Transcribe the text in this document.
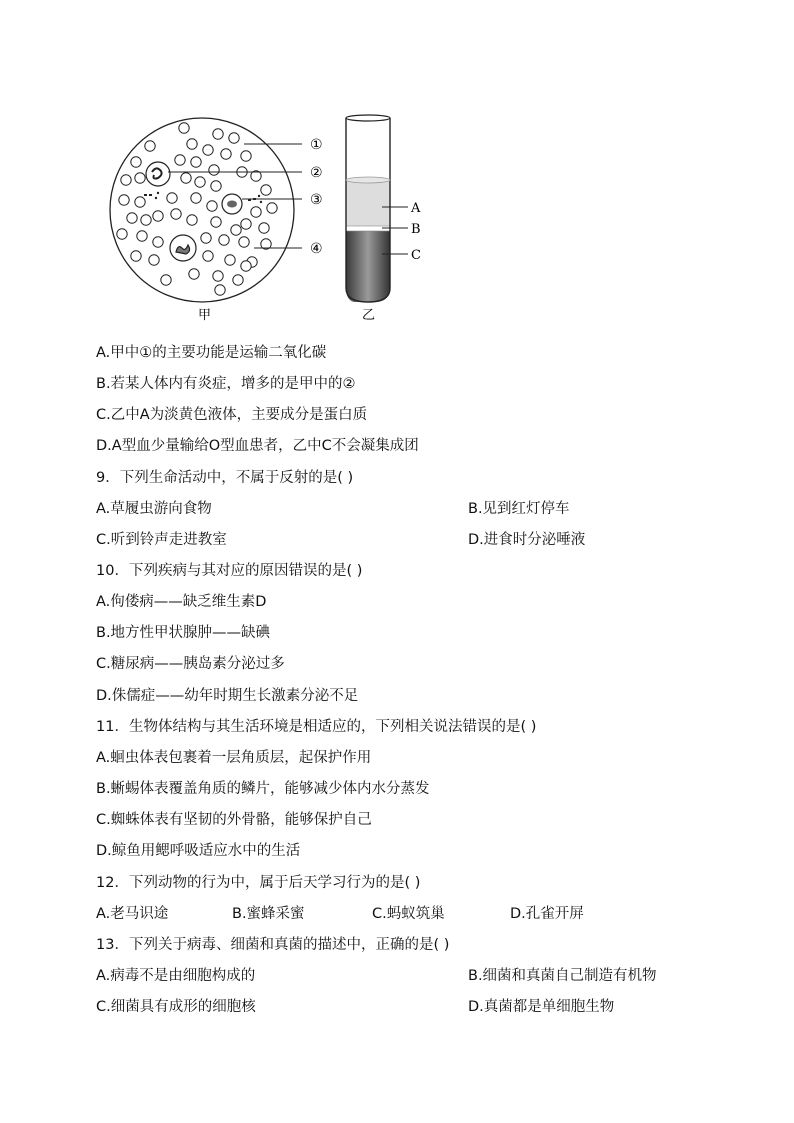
①
②
③
④
甲
A
B
C
乙
A.甲中①的主要功能是运输二氧化碳
B.若某人体内有炎症，增多的是甲中的②
C.乙中A为淡黄色液体，主要成分是蛋白质
D.A型血少量输给O型血患者，乙中C不会凝集成团
9．下列生命活动中，不属于反射的是( )
A.草履虫游向食物	B.见到红灯停车
C.听到铃声走进教室	D.进食时分泌唾液
10．下列疾病与其对应的原因错误的是( )
A.佝偻病——缺乏维生素D
B.地方性甲状腺肿——缺碘
C.糖尿病——胰岛素分泌过多
D.侏儒症——幼年时期生长激素分泌不足
11．生物体结构与其生活环境是相适应的，下列相关说法错误的是( )
A.蛔虫体表包裹着一层角质层，起保护作用
B.蜥蜴体表覆盖角质的鳞片，能够减少体内水分蒸发
C.蜘蛛体表有坚韧的外骨骼，能够保护自己
D.鲸鱼用鳃呼吸适应水中的生活
12．下列动物的行为中，属于后天学习行为的是( )
A.老马识途	B.蜜蜂采蜜	C.蚂蚁筑巢	D.孔雀开屏
13．下列关于病毒、细菌和真菌的描述中，正确的是( )
A.病毒不是由细胞构成的	B.细菌和真菌自己制造有机物
C.细菌具有成形的细胞核	D.真菌都是单细胞生物
